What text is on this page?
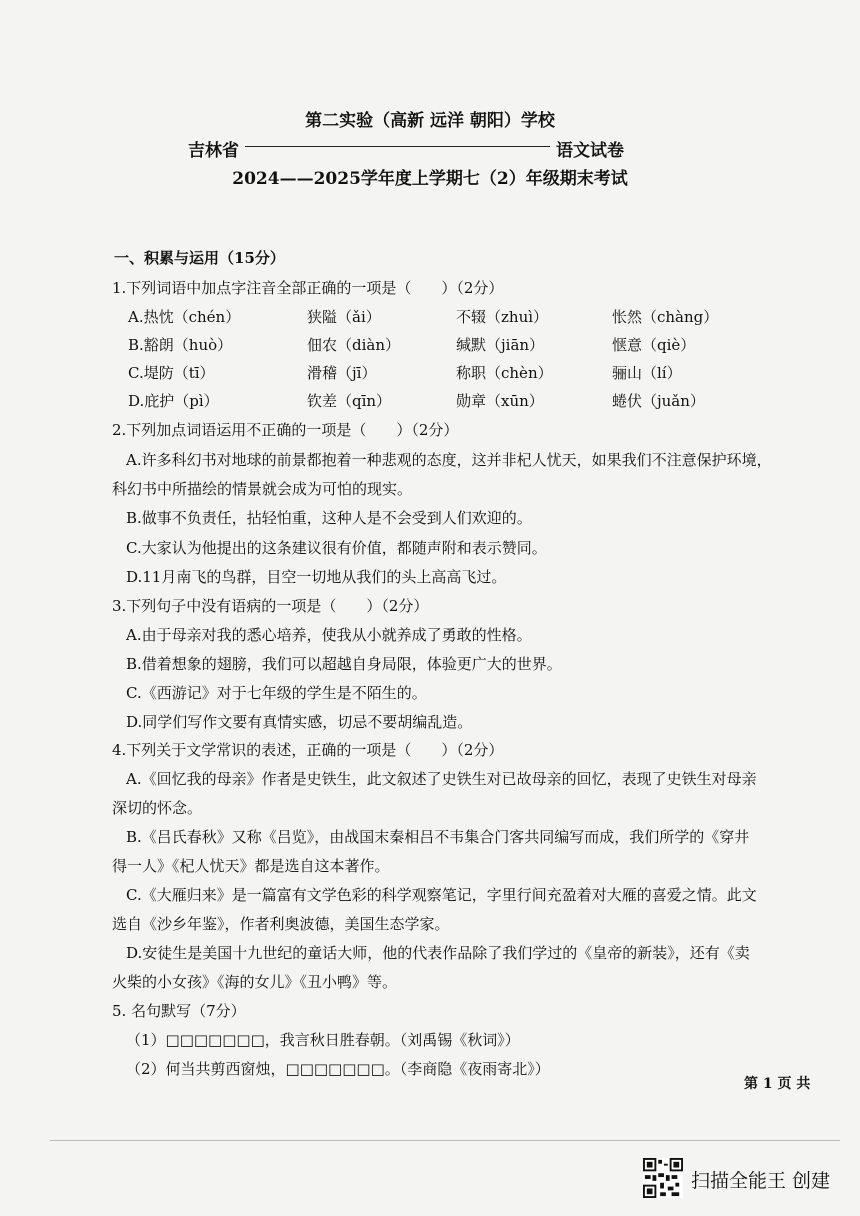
第二实验（高新 远洋 朝阳）学校
吉林省	语文试卷
2024——2025学年度上学期七（2）年级期末考试
一、积累与运用（15分）
1.下列词语中加点字注音全部正确的一项是（　　）（2分）
A.热忱（chén）	狭隘（ǎi）	不辍（zhuì）	怅然（chàng）
B.豁朗（huò）	佃农（diàn）	缄默（jiān）	惬意（qiè）
C.堤防（tī）	滑稽（jī）	称职（chèn）	骊山（lí）
D.庇护（pì）	钦差（qīn）	勋章（xūn）	蜷伏（juǎn）
2.下列加点词语运用不正确的一项是（　　）（2分）
A.许多科幻书对地球的前景都抱着一种悲观的态度，这并非杞人忧天，如果我们不注意保护环境，
科幻书中所描绘的情景就会成为可怕的现实。
B.做事不负责任，拈轻怕重，这种人是不会受到人们欢迎的。
C.大家认为他提出的这条建议很有价值，都随声附和表示赞同。
D.11月南飞的鸟群，目空一切地从我们的头上高高飞过。
3.下列句子中没有语病的一项是（　　）（2分）
A.由于母亲对我的悉心培养，使我从小就养成了勇敢的性格。
B.借着想象的翅膀，我们可以超越自身局限，体验更广大的世界。
C.《西游记》对于七年级的学生是不陌生的。
D.同学们写作文要有真情实感，切忌不要胡编乱造。
4.下列关于文学常识的表述，正确的一项是（　　）（2分）
A.《回忆我的母亲》作者是史铁生，此文叙述了史铁生对已故母亲的回忆，表现了史铁生对母亲
深切的怀念。
B.《吕氏春秋》又称《吕览》，由战国末秦相吕不韦集合门客共同编写而成，我们所学的《穿井
得一人》《杞人忧天》都是选自这本著作。
C.《大雁归来》是一篇富有文学色彩的科学观察笔记，字里行间充盈着对大雁的喜爱之情。此文
选自《沙乡年鉴》，作者利奥波德，美国生态学家。
D.安徒生是美国十九世纪的童话大师，他的代表作品除了我们学过的《皇帝的新装》，还有《卖
火柴的小女孩》《海的女儿》《丑小鸭》等。
5. 名句默写（7分）
（1）□□□□□□□，我言秋日胜春朝。（刘禹锡《秋词》）
（2）何当共剪西窗烛，□□□□□□□。（李商隐《夜雨寄北》）
第 1 页 共
扫描全能王 创建
